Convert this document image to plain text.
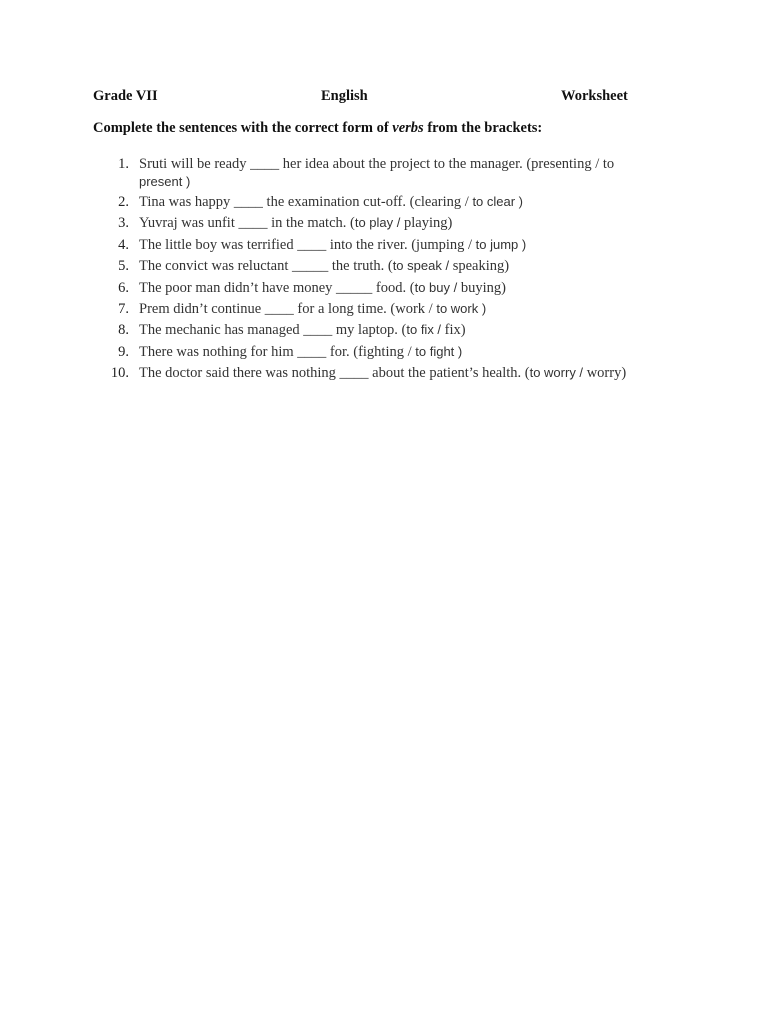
Grade VII	English	Worksheet
Complete the sentences with the correct form of verbs from the brackets:
1. Sruti will be ready ____ her idea about the project to the manager. (presenting / to
present )
2. Tina was happy ____ the examination cut-off. (clearing / to clear )
3. Yuvraj was unfit ____ in the match. (to play / playing)
4. The little boy was terrified ____ into the river. (jumping / to jump )
5. The convict was reluctant _____ the truth. (to speak / speaking)
6. The poor man didn’t have money _____ food. (to buy / buying)
7. Prem didn’t continue ____ for a long time. (work / to work )
8. The mechanic has managed ____ my laptop. (to fix / fix)
9. There was nothing for him ____ for. (fighting / to fight )
10. The doctor said there was nothing ____ about the patient’s health. (to worry / worry)
